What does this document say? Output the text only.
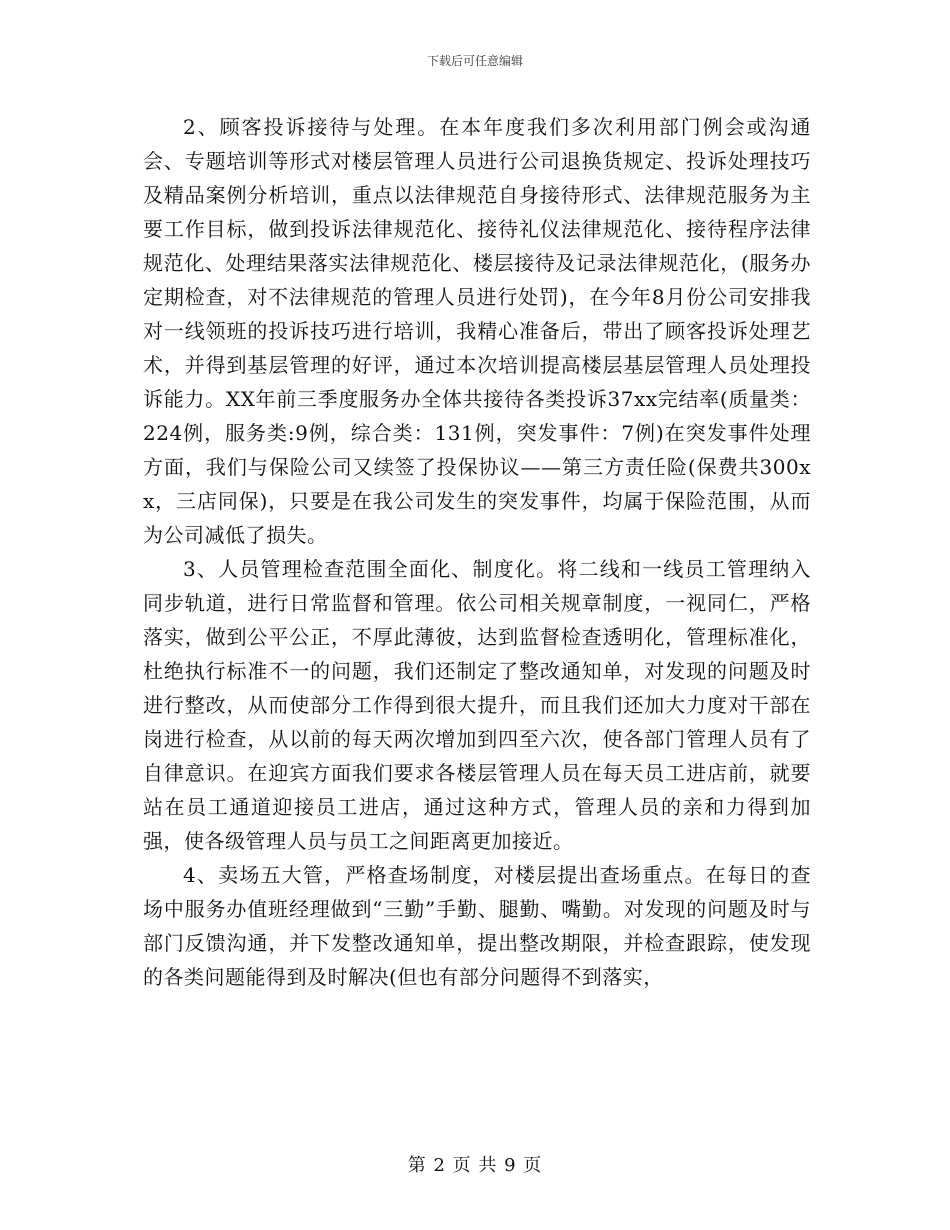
下载后可任意编辑

2、顾客投诉接待与处理。在本年度我们多次利用部门例会或沟通会、专题培训等形式对楼层管理人员进行公司退换货规定、投诉处理技巧及精品案例分析培训，重点以法律规范自身接待形式、法律规范服务为主要工作目标，做到投诉法律规范化、接待礼仪法律规范化、接待程序法律规范化、处理结果落实法律规范化、楼层接待及记录法律规范化，(服务办定期检查，对不法律规范的管理人员进行处罚)，在今年8月份公司安排我对一线领班的投诉技巧进行培训，我精心准备后，带出了顾客投诉处理艺术，并得到基层管理的好评，通过本次培训提高楼层基层管理人员处理投诉能力。XX年前三季度服务办全体共接待各类投诉37xx完结率(质量类：224例，服务类:9例，综合类：131例，突发事件：7例)在突发事件处理方面，我们与保险公司又续签了投保协议——第三方责任险(保费共300xx，三店同保)，只要是在我公司发生的突发事件，均属于保险范围，从而为公司减低了损失。

3、人员管理检查范围全面化、制度化。将二线和一线员工管理纳入同步轨道，进行日常监督和管理。依公司相关规章制度，一视同仁，严格落实，做到公平公正，不厚此薄彼，达到监督检查透明化，管理标准化，杜绝执行标准不一的问题，我们还制定了整改通知单，对发现的问题及时进行整改，从而使部分工作得到很大提升，而且我们还加大力度对干部在岗进行检查，从以前的每天两次增加到四至六次，使各部门管理人员有了自律意识。在迎宾方面我们要求各楼层管理人员在每天员工进店前，就要站在员工通道迎接员工进店，通过这种方式，管理人员的亲和力得到加强，使各级管理人员与员工之间距离更加接近。

4、卖场五大管，严格查场制度，对楼层提出查场重点。在每日的查场中服务办值班经理做到“三勤”手勤、腿勤、嘴勤。对发现的问题及时与部门反馈沟通，并下发整改通知单，提出整改期限，并检查跟踪，使发现的各类问题能得到及时解决(但也有部分问题得不到落实，

第 2 页 共 9 页
